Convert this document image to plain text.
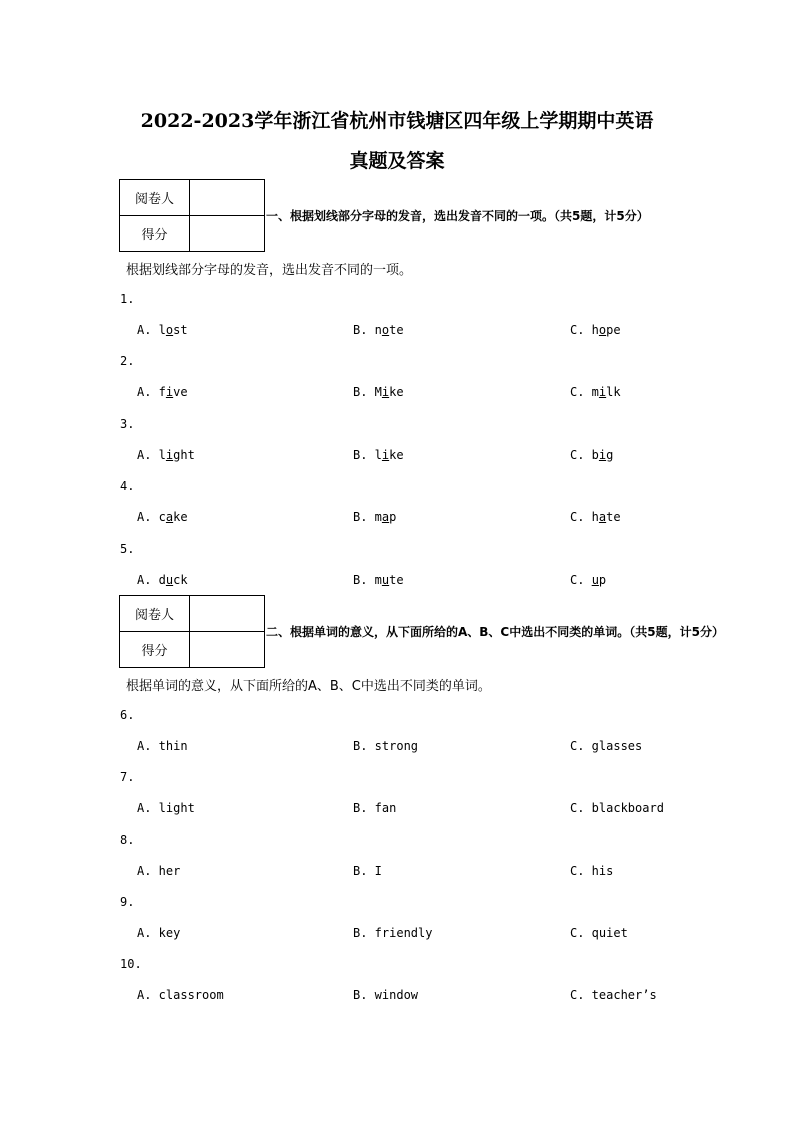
2022-2023学年浙江省杭州市钱塘区四年级上学期期中英语
真题及答案
阅卷人	
得分	
一、根据划线部分字母的发音，选出发音不同的一项。（共5题，计5分）
根据划线部分字母的发音，选出发音不同的一项。
1.
A. lost	B. note	C. hope
2.
A. five	B. Mike	C. milk
3.
A. light	B. like	C. big
4.
A. cake	B. map	C. hate
5.
A. duck	B. mute	C. up
阅卷人	
得分	
二、根据单词的意义，从下面所给的A、B、C中选出不同类的单词。（共5题，计5分）
根据单词的意义，从下面所给的A、B、C中选出不同类的单词。
6.
A. thin	B. strong	C. glasses
7.
A. light	B. fan	C. blackboard
8.
A. her	B. I	C. his
9.
A. key	B. friendly	C. quiet
10.
A. classroom	B. window	C. teacher’s
